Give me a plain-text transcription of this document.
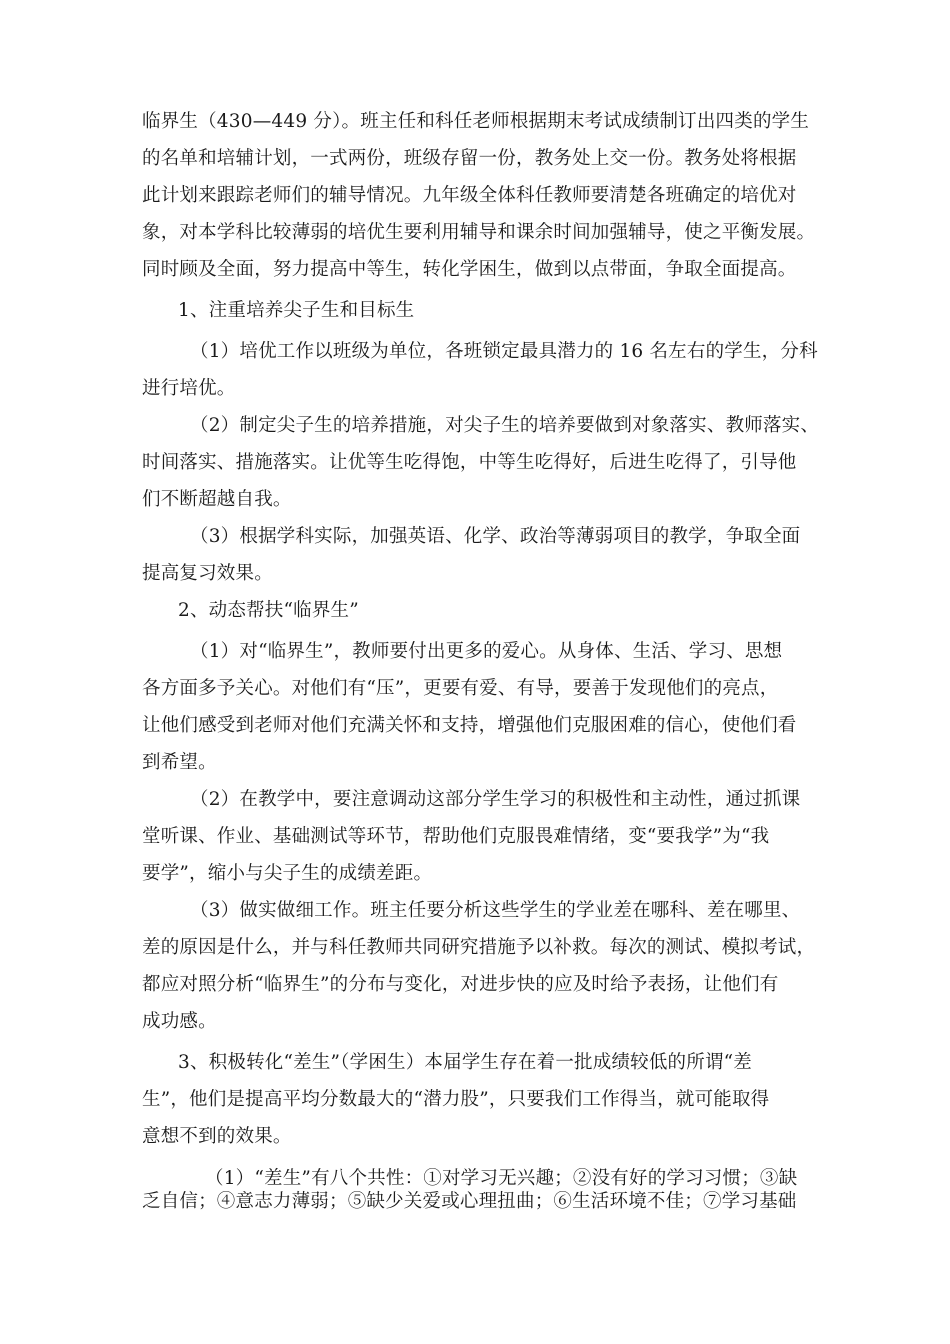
临界生（430—449 分）。班主任和科任老师根据期末考试成绩制订出四类的学生
的名单和培辅计划，一式两份，班级存留一份，教务处上交一份。教务处将根据
此计划来跟踪老师们的辅导情况。九年级全体科任教师要清楚各班确定的培优对
象，对本学科比较薄弱的培优生要利用辅导和课余时间加强辅导，使之平衡发展。
同时顾及全面，努力提高中等生，转化学困生，做到以点带面，争取全面提高。
1、注重培养尖子生和目标生
（1）培优工作以班级为单位，各班锁定最具潜力的 16 名左右的学生，分科
进行培优。
（2）制定尖子生的培养措施，对尖子生的培养要做到对象落实、教师落实、
时间落实、措施落实。让优等生吃得饱，中等生吃得好，后进生吃得了，引导他
们不断超越自我。
（3）根据学科实际，加强英语、化学、政治等薄弱项目的教学，争取全面
提高复习效果。
2、动态帮扶“临界生”
（1）对“临界生”，教师要付出更多的爱心。从身体、生活、学习、思想
各方面多予关心。对他们有“压”，更要有爱、有导，要善于发现他们的亮点，
让他们感受到老师对他们充满关怀和支持，增强他们克服困难的信心，使他们看
到希望。
（2）在教学中，要注意调动这部分学生学习的积极性和主动性，通过抓课
堂听课、作业、基础测试等环节，帮助他们克服畏难情绪，变“要我学”为“我
要学”，缩小与尖子生的成绩差距。
（3）做实做细工作。班主任要分析这些学生的学业差在哪科、差在哪里、
差的原因是什么，并与科任教师共同研究措施予以补救。每次的测试、模拟考试，
都应对照分析“临界生”的分布与变化，对进步快的应及时给予表扬，让他们有
成功感。
3、积极转化“差生”（学困生）本届学生存在着一批成绩较低的所谓“差
生”，他们是提高平均分数最大的“潜力股”，只要我们工作得当，就可能取得
意想不到的效果。
（1）“差生”有八个共性：①对学习无兴趣；②没有好的学习习惯；③缺
乏自信；④意志力薄弱；⑤缺少关爱或心理扭曲；⑥生活环境不佳；⑦学习基础
